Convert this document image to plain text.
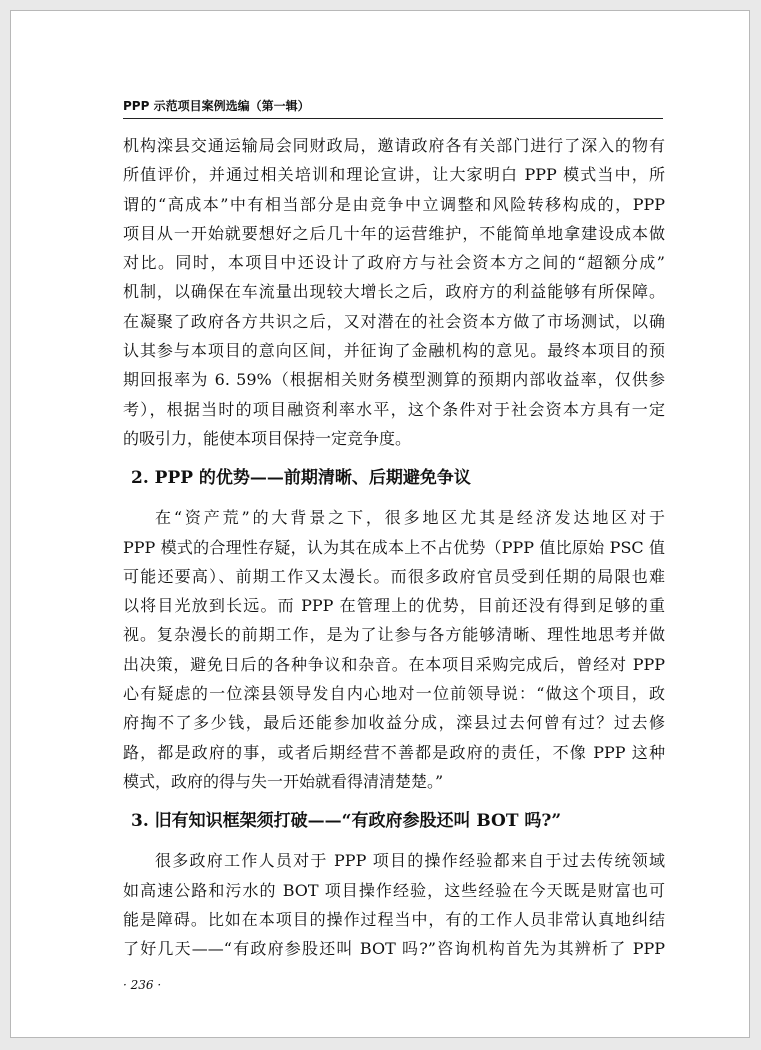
PPP 示范项目案例选编（第一辑）

机构滦县交通运输局会同财政局，邀请政府各有关部门进行了深入的物有
所值评价，并通过相关培训和理论宣讲，让大家明白 PPP 模式当中，所
谓的“高成本”中有相当部分是由竞争中立调整和风险转移构成的，PPP
项目从一开始就要想好之后几十年的运营维护，不能简单地拿建设成本做
对比。同时，本项目中还设计了政府方与社会资本方之间的“超额分成”
机制，以确保在车流量出现较大增长之后，政府方的利益能够有所保障。
在凝聚了政府各方共识之后，又对潜在的社会资本方做了市场测试，以确
认其参与本项目的意向区间，并征询了金融机构的意见。最终本项目的预
期回报率为 6. 59%（根据相关财务模型测算的预期内部收益率，仅供参
考），根据当时的项目融资利率水平，这个条件对于社会资本方具有一定
的吸引力，能使本项目保持一定竞争度。

2. PPP 的优势——前期清晰、后期避免争议

在“资产荒”的大背景之下，很多地区尤其是经济发达地区对于
PPP 模式的合理性存疑，认为其在成本上不占优势（PPP 值比原始 PSC 值
可能还要高）、前期工作又太漫长。而很多政府官员受到任期的局限也难
以将目光放到长远。而 PPP 在管理上的优势，目前还没有得到足够的重
视。复杂漫长的前期工作，是为了让参与各方能够清晰、理性地思考并做
出决策，避免日后的各种争议和杂音。在本项目采购完成后，曾经对 PPP
心有疑虑的一位滦县领导发自内心地对一位前领导说：“做这个项目，政
府掏不了多少钱，最后还能参加收益分成，滦县过去何曾有过？过去修
路，都是政府的事，或者后期经营不善都是政府的责任，不像 PPP 这种
模式，政府的得与失一开始就看得清清楚楚。”

3. 旧有知识框架须打破——“有政府参股还叫 BOT 吗?”

很多政府工作人员对于 PPP 项目的操作经验都来自于过去传统领域
如高速公路和污水的 BOT 项目操作经验，这些经验在今天既是财富也可
能是障碍。比如在本项目的操作过程当中，有的工作人员非常认真地纠结
了好几天——“有政府参股还叫 BOT 吗?”咨询机构首先为其辨析了 PPP

· 236 ·
